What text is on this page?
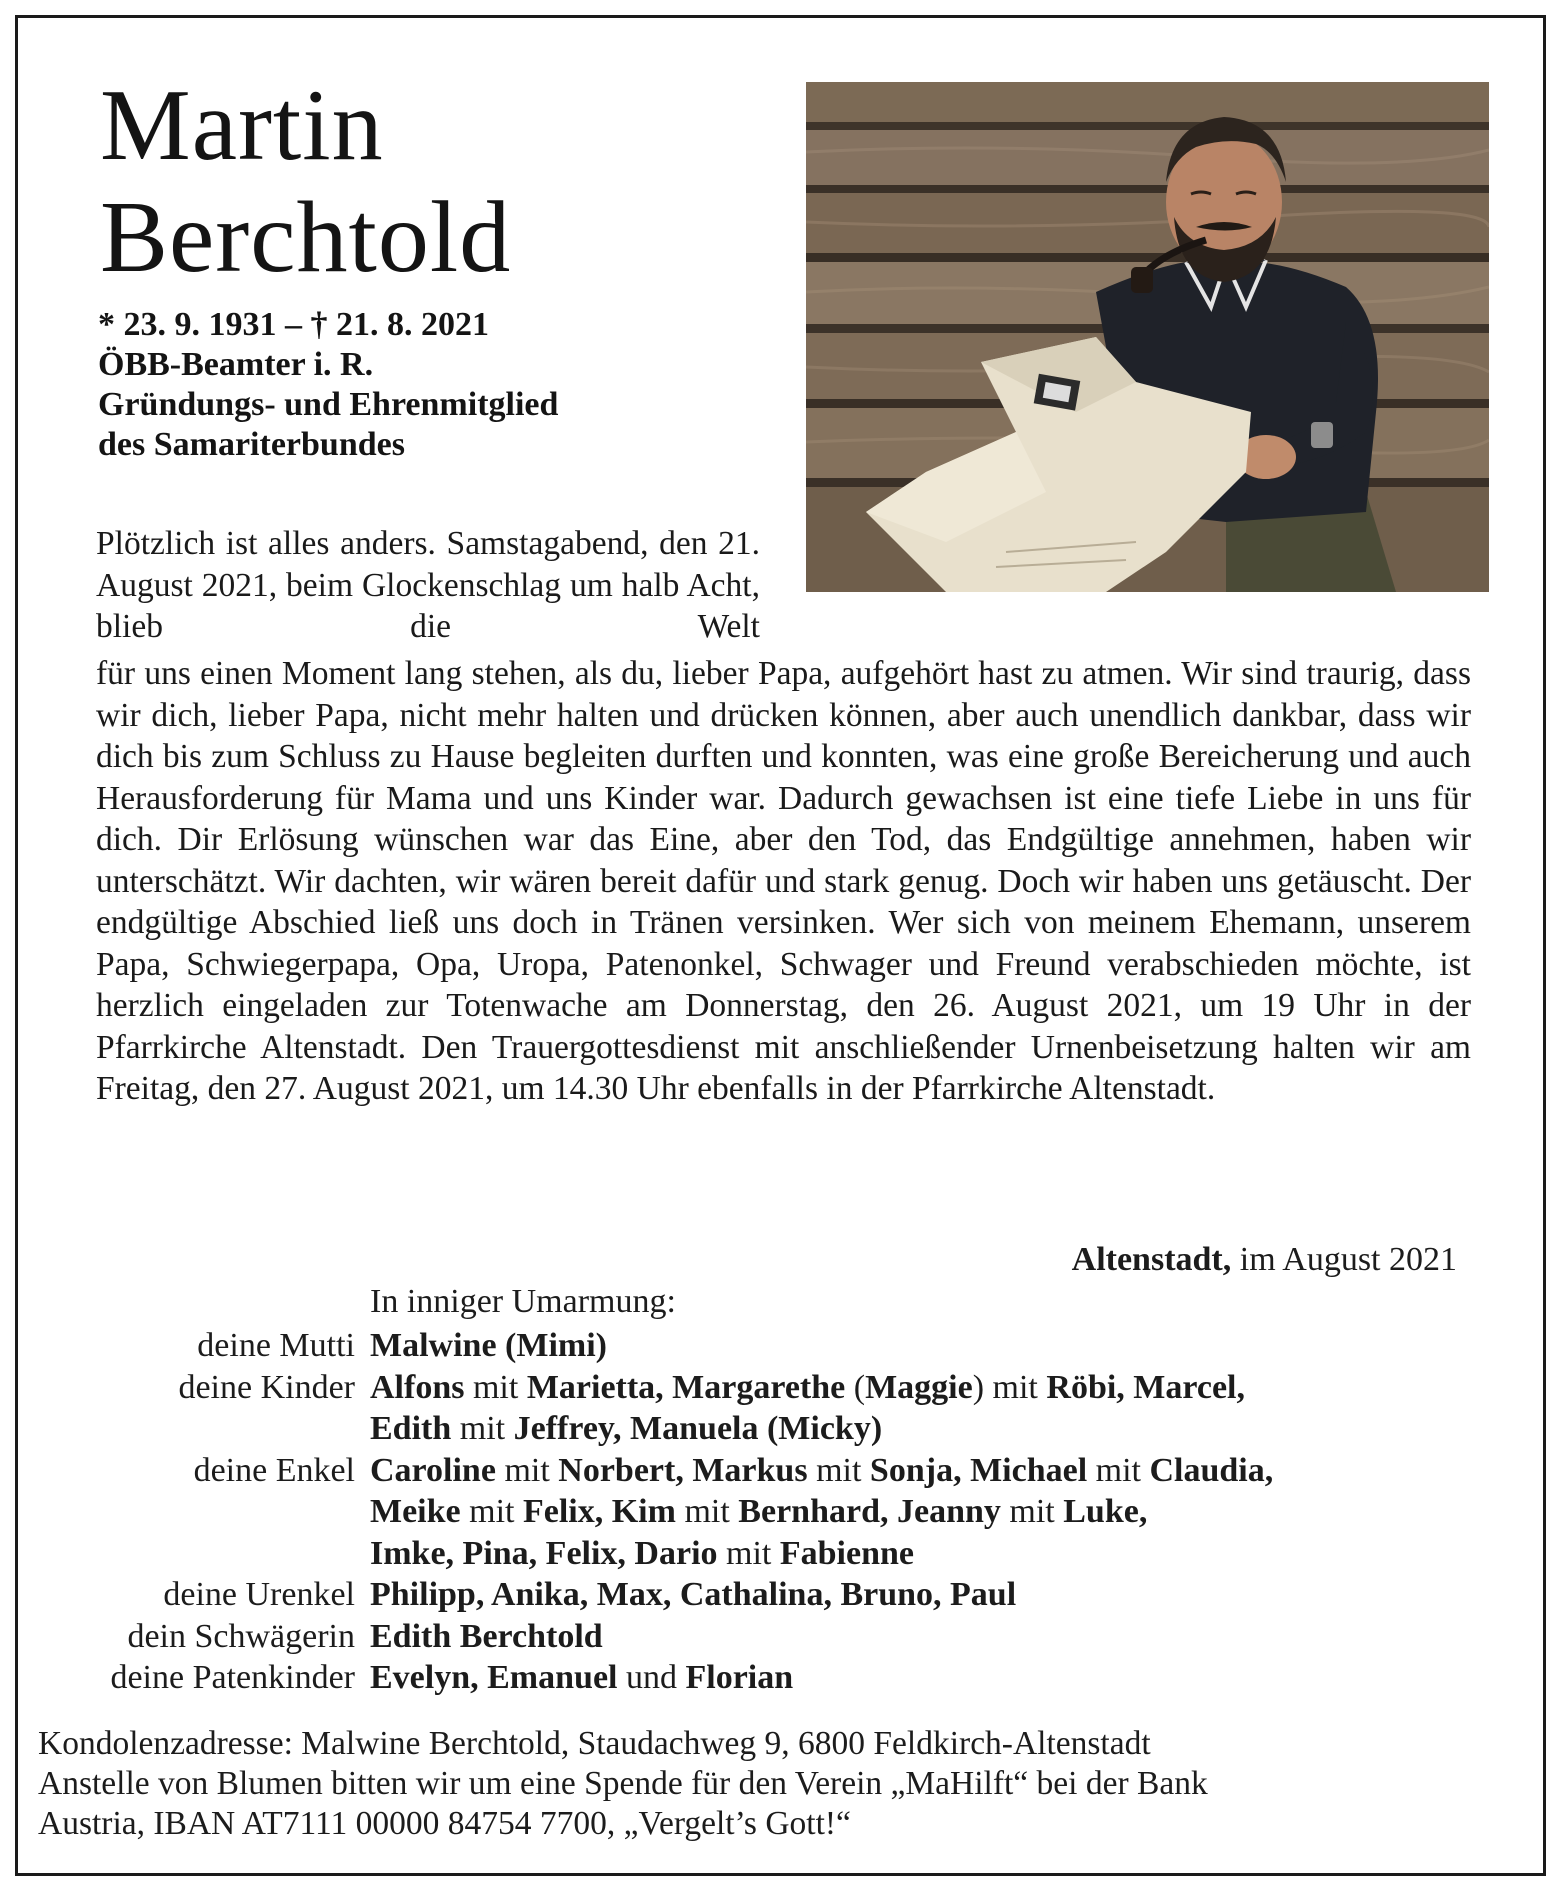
Martin
Berchtold
* 23. 9. 1931 – † 21. 8. 2021
ÖBB-Beamter i. R.
Gründungs- und Ehrenmitglied
des Samariterbundes
Plötzlich ist alles anders. Samstagabend, den 21. August 2021, beim Glockenschlag um halb Acht, blieb die Welt
für uns einen Moment lang stehen, als du, lieber Papa, aufgehört hast zu atmen. Wir sind traurig, dass wir dich, lieber Papa, nicht mehr halten und drücken können, aber auch unendlich dankbar, dass wir dich bis zum Schluss zu Hause begleiten durften und konnten, was eine große Bereicherung und auch Herausforderung für Mama und uns Kinder war. Dadurch gewachsen ist eine tiefe Liebe in uns für dich. Dir Erlösung wünschen war das Eine, aber den Tod, das Endgültige annehmen, haben wir unterschätzt. Wir dachten, wir wären bereit dafür und stark genug. Doch wir haben uns getäuscht. Der endgültige Abschied ließ uns doch in Tränen versinken. Wer sich von meinem Ehemann, unserem Papa, Schwiegerpapa, Opa, Uropa, Patenonkel, Schwager und Freund verabschieden möchte, ist herzlich eingeladen zur Totenwache am Donnerstag, den 26. August 2021, um 19 Uhr in der Pfarrkirche Altenstadt. Den Trauergottesdienst mit anschließender Urnenbeisetzung halten wir am Freitag, den 27. August 2021, um 14.30 Uhr ebenfalls in der Pfarrkirche Altenstadt.
Altenstadt, im August 2021
In inniger Umarmung:
deine Mutti Malwine (Mimi)
deine Kinder Alfons mit Marietta, Margarethe (Maggie) mit Röbi, Marcel,
Edith mit Jeffrey, Manuela (Micky)
deine Enkel Caroline mit Norbert, Markus mit Sonja, Michael mit Claudia,
Meike mit Felix, Kim mit Bernhard, Jeanny mit Luke,
Imke, Pina, Felix, Dario mit Fabienne
deine Urenkel Philipp, Anika, Max, Cathalina, Bruno, Paul
dein Schwägerin Edith Berchtold
deine Patenkinder Evelyn, Emanuel und Florian
Kondolenzadresse: Malwine Berchtold, Staudachweg 9, 6800 Feldkirch-Altenstadt
Anstelle von Blumen bitten wir um eine Spende für den Verein „MaHilft“ bei der Bank
Austria, IBAN AT7111 00000 84754 7700, „Vergelt’s Gott!“
